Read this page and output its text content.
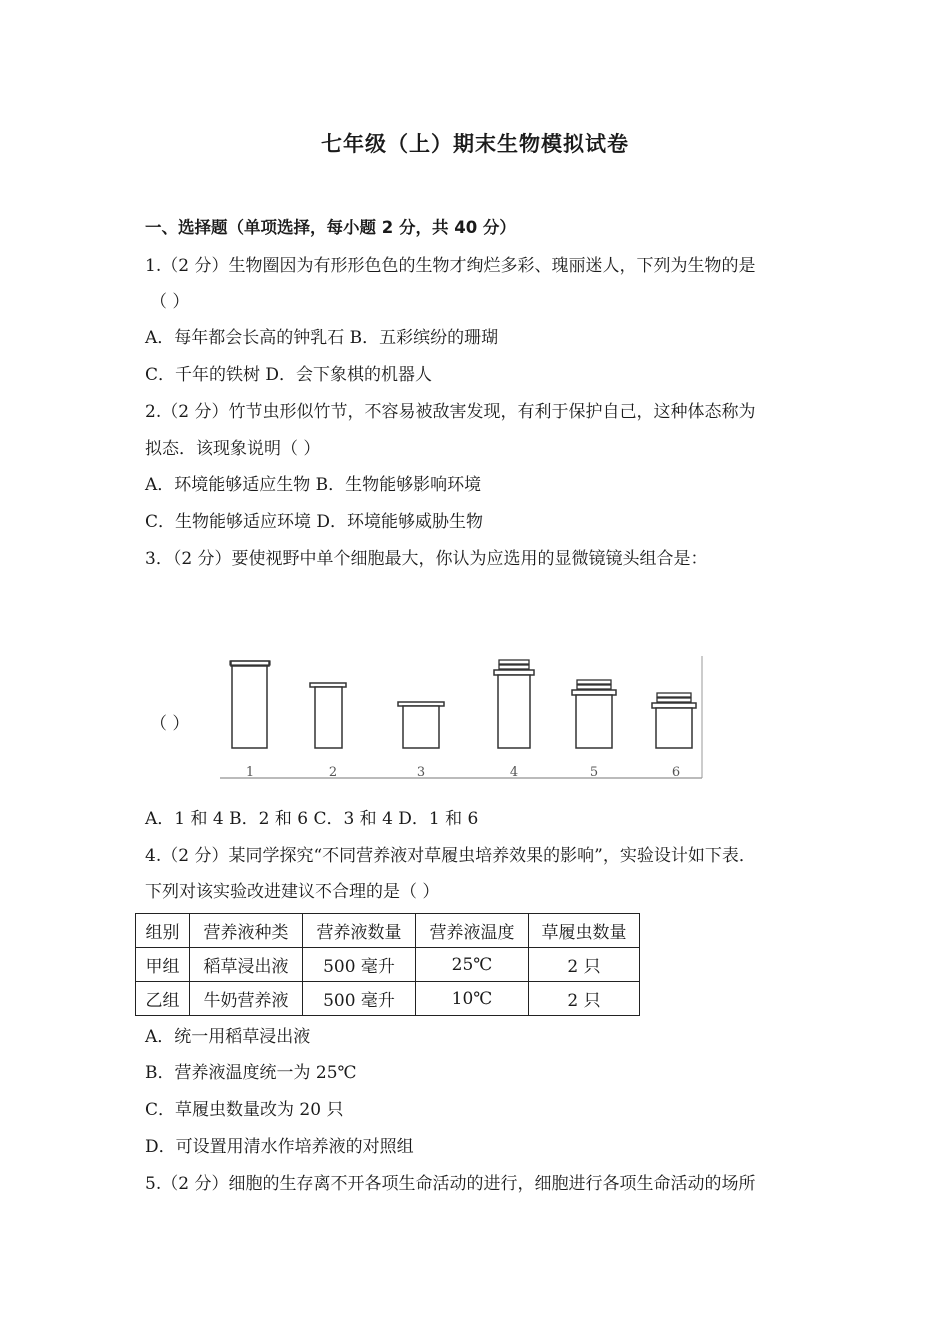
七年级（上）期末生物模拟试卷
一、选择题（单项选择，每小题 2 分，共 40 分）
1.（2 分）生物圈因为有形形色色的生物才绚烂多彩、瑰丽迷人，下列为生物的是
（ ）
A．每年都会长高的钟乳石 B．五彩缤纷的珊瑚
C．千年的铁树 D．会下象棋的机器人
2.（2 分）竹节虫形似竹节，不容易被敌害发现，有利于保护自己，这种体态称为
拟态．该现象说明（ ）
A．环境能够适应生物 B．生物能够影响环境
C．生物能够适应环境 D．环境能够威胁生物
3．（2 分）要使视野中单个细胞最大，你认为应选用的显微镜镜头组合是：
（ ）
1	2	3	4	5	6
A．1 和 4 B．2 和 6 C．3 和 4 D．1 和 6
4.（2 分）某同学探究“不同营养液对草履虫培养效果的影响”，实验设计如下表．
下列对该实验改进建议不合理的是（ ）
组别	营养液种类	营养液数量	营养液温度	草履虫数量
甲组	稻草浸出液	500 毫升	25℃	2 只
乙组	牛奶营养液	500 毫升	10℃	2 只
A．统一用稻草浸出液
B．营养液温度统一为 25℃
C．草履虫数量改为 20 只
D．可设置用清水作培养液的对照组
5.（2 分）细胞的生存离不开各项生命活动的进行，细胞进行各项生命活动的场所
